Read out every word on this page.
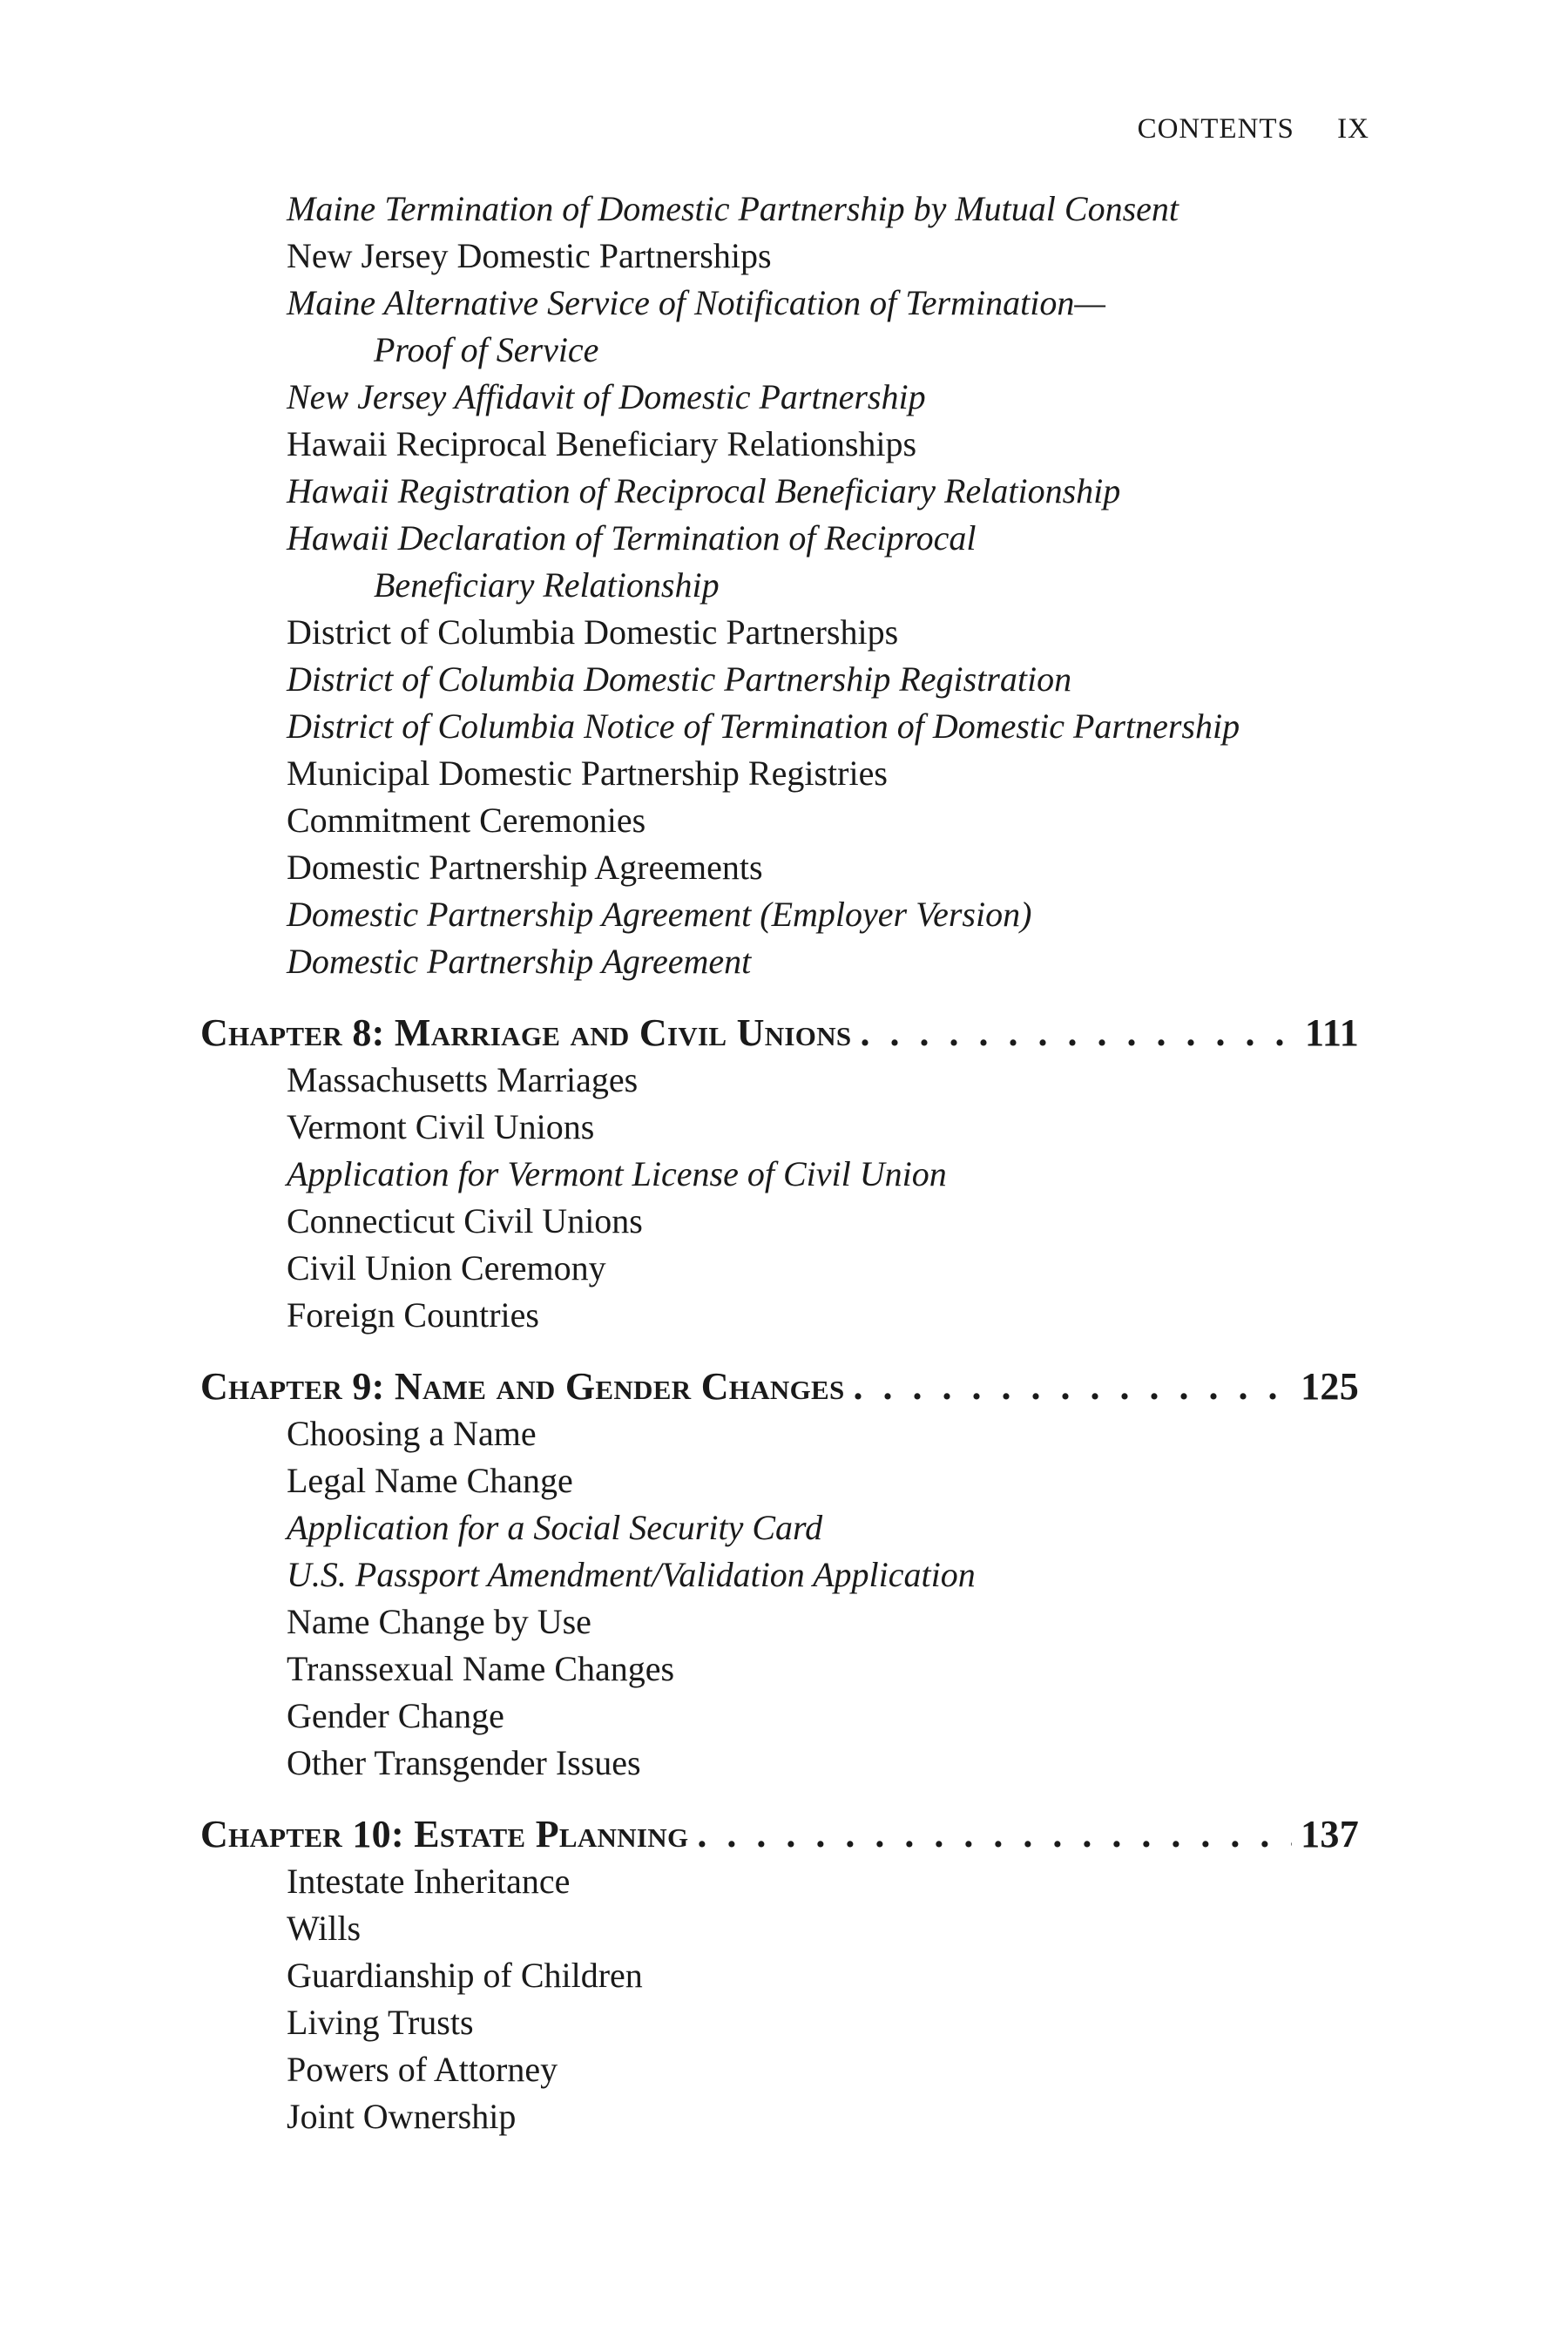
CONTENTS IX
Maine Termination of Domestic Partnership by Mutual Consent
New Jersey Domestic Partnerships
Maine Alternative Service of Notification of Termination—
Proof of Service
New Jersey Affidavit of Domestic Partnership
Hawaii Reciprocal Beneficiary Relationships
Hawaii Registration of Reciprocal Beneficiary Relationship
Hawaii Declaration of Termination of Reciprocal
Beneficiary Relationship
District of Columbia Domestic Partnerships
District of Columbia Domestic Partnership Registration
District of Columbia Notice of Termination of Domestic Partnership
Municipal Domestic Partnership Registries
Commitment Ceremonies
Domestic Partnership Agreements
Domestic Partnership Agreement (Employer Version)
Domestic Partnership Agreement
Chapter 8: Marriage and Civil Unions . . .	111
Massachusetts Marriages
Vermont Civil Unions
Application for Vermont License of Civil Union
Connecticut Civil Unions
Civil Union Ceremony
Foreign Countries
Chapter 9: Name and Gender Changes . . .	125
Choosing a Name
Legal Name Change
Application for a Social Security Card
U.S. Passport Amendment/Validation Application
Name Change by Use
Transsexual Name Changes
Gender Change
Other Transgender Issues
Chapter 10: Estate Planning . . .	137
Intestate Inheritance
Wills
Guardianship of Children
Living Trusts
Powers of Attorney
Joint Ownership
